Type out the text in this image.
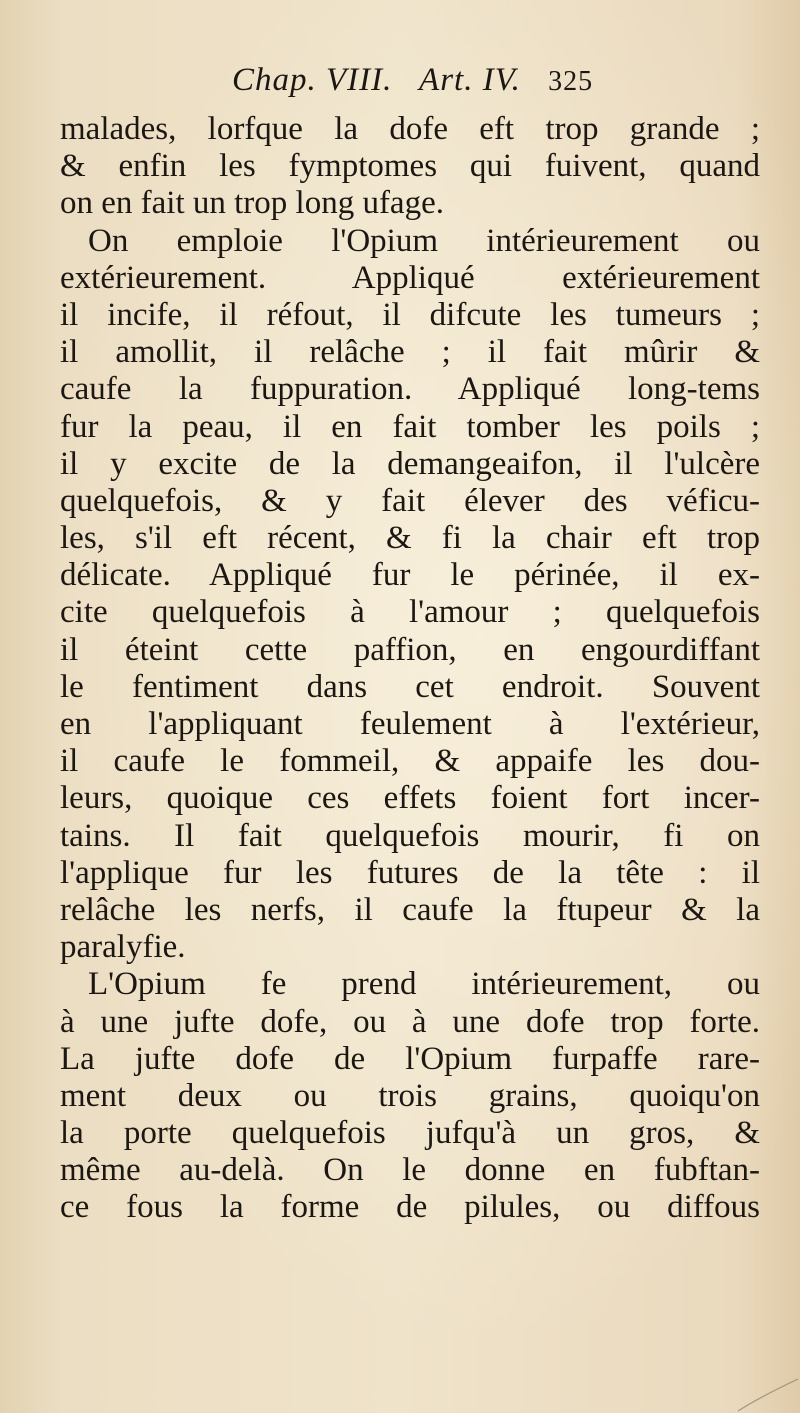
Chap. VIII. Art. IV. 325
malades, lorfque la dofe eft trop grande ;
& enfin les fymptomes qui fuivent, quand
on en fait un trop long ufage.
On emploie l'Opium intérieurement ou
extérieurement. Appliqué extérieurement
il incife, il réfout, il difcute les tumeurs ;
il amollit, il relâche ; il fait mûrir &
caufe la fuppuration. Appliqué long-tems
fur la peau, il en fait tomber les poils ;
il y excite de la demangeaifon, il l'ulcère
quelquefois, & y fait élever des véficu-
les, s'il eft récent, & fi la chair eft trop
délicate. Appliqué fur le périnée, il ex-
cite quelquefois à l'amour ; quelquefois
il éteint cette paffion, en engourdiffant
le fentiment dans cet endroit. Souvent
en l'appliquant feulement à l'extérieur,
il caufe le fommeil, & appaife les dou-
leurs, quoique ces effets foient fort incer-
tains. Il fait quelquefois mourir, fi on
l'applique fur les futures de la tête : il
relâche les nerfs, il caufe la ftupeur & la
paralyfie.
L'Opium fe prend intérieurement, ou
à une jufte dofe, ou à une dofe trop forte.
La jufte dofe de l'Opium furpaffe rare-
ment deux ou trois grains, quoiqu'on
la porte quelquefois jufqu'à un gros, &
même au-delà. On le donne en fubftan-
ce fous la forme de pilules, ou diffous
